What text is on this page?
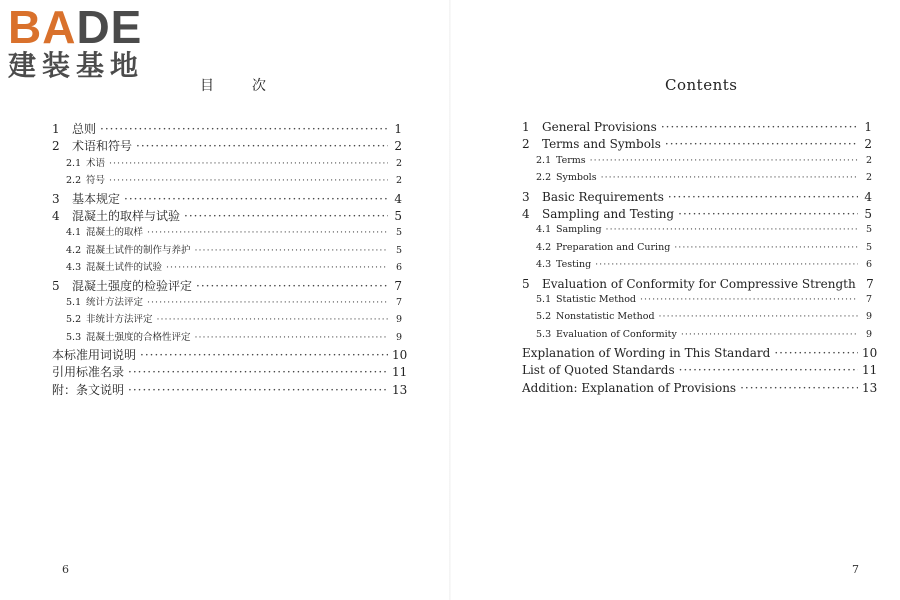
BADE
建装基地
目次
1	总则 ·····	1
2	术语和符号 ·····	2
2.1 术语 ·····	2
2.2 符号 ·····	2
3	基本规定 ·····	4
4	混凝土的取样与试验 ·····	5
4.1 混凝土的取样 ·····	5
4.2 混凝土试件的制作与养护 ·····	5
4.3 混凝土试件的试验 ·····	6
5	混凝土强度的检验评定 ·····	7
5.1 统计方法评定 ·····	7
5.2 非统计方法评定 ·····	9
5.3 混凝土强度的合格性评定 ·····	9
本标准用词说明 ·····	10
引用标准名录 ·····	11
附：条文说明 ·····	13
6
Contents
1	General Provisions ·····	1
2	Terms and Symbols ·····	2
2.1 Terms ·····	2
2.2 Symbols ·····	2
3	Basic Requirements ·····	4
4	Sampling and Testing ·····	5
4.1 Sampling ·····	5
4.2 Preparation and Curing ·····	5
4.3 Testing ·····	6
5	Evaluation of Conformity for Compressive Strength 7
5.1 Statistic Method ·····	7
5.2 Nonstatistic Method ·····	9
5.3 Evaluation of Conformity ·····	9
Explanation of Wording in This Standard ·····	10
List of Quoted Standards ·····	11
Addition: Explanation of Provisions ·····	13
7
